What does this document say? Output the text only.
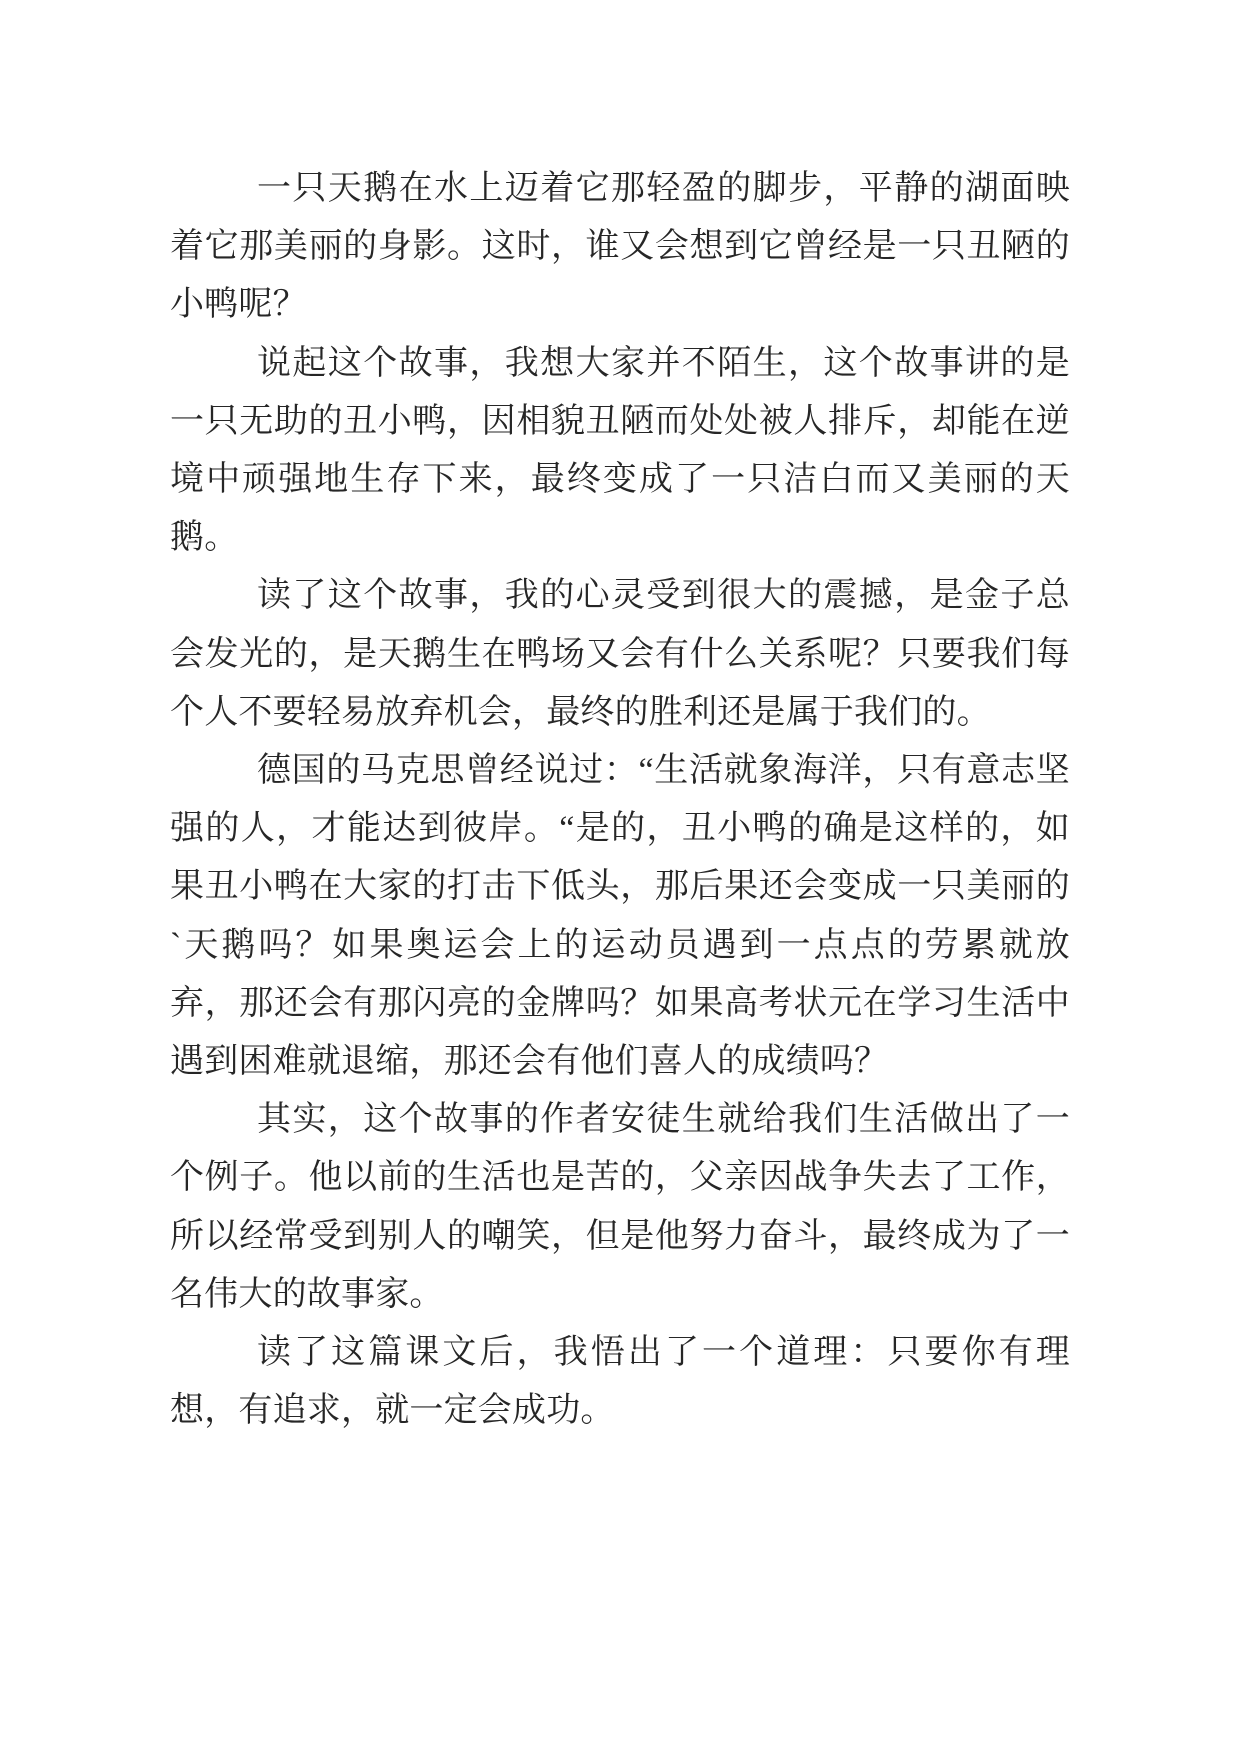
一只天鹅在水上迈着它那轻盈的脚步，平静的湖面映着它那美丽的身影。这时，谁又会想到它曾经是一只丑陋的小鸭呢？

说起这个故事，我想大家并不陌生，这个故事讲的是一只无助的丑小鸭，因相貌丑陋而处处被人排斥，却能在逆境中顽强地生存下来，最终变成了一只洁白而又美丽的天鹅。

读了这个故事，我的心灵受到很大的震撼，是金子总会发光的，是天鹅生在鸭场又会有什么关系呢？只要我们每个人不要轻易放弃机会，最终的胜利还是属于我们的。

德国的马克思曾经说过：“生活就象海洋，只有意志坚强的人，才能达到彼岸。“是的，丑小鸭的确是这样的，如果丑小鸭在大家的打击下低头，那后果还会变成一只美丽的`天鹅吗？如果奥运会上的运动员遇到一点点的劳累就放弃，那还会有那闪亮的金牌吗？如果高考状元在学习生活中遇到困难就退缩，那还会有他们喜人的成绩吗？

其实，这个故事的作者安徒生就给我们生活做出了一个例子。他以前的生活也是苦的，父亲因战争失去了工作，所以经常受到别人的嘲笑，但是他努力奋斗，最终成为了一名伟大的故事家。

读了这篇课文后，我悟出了一个道理：只要你有理想，有追求，就一定会成功。
